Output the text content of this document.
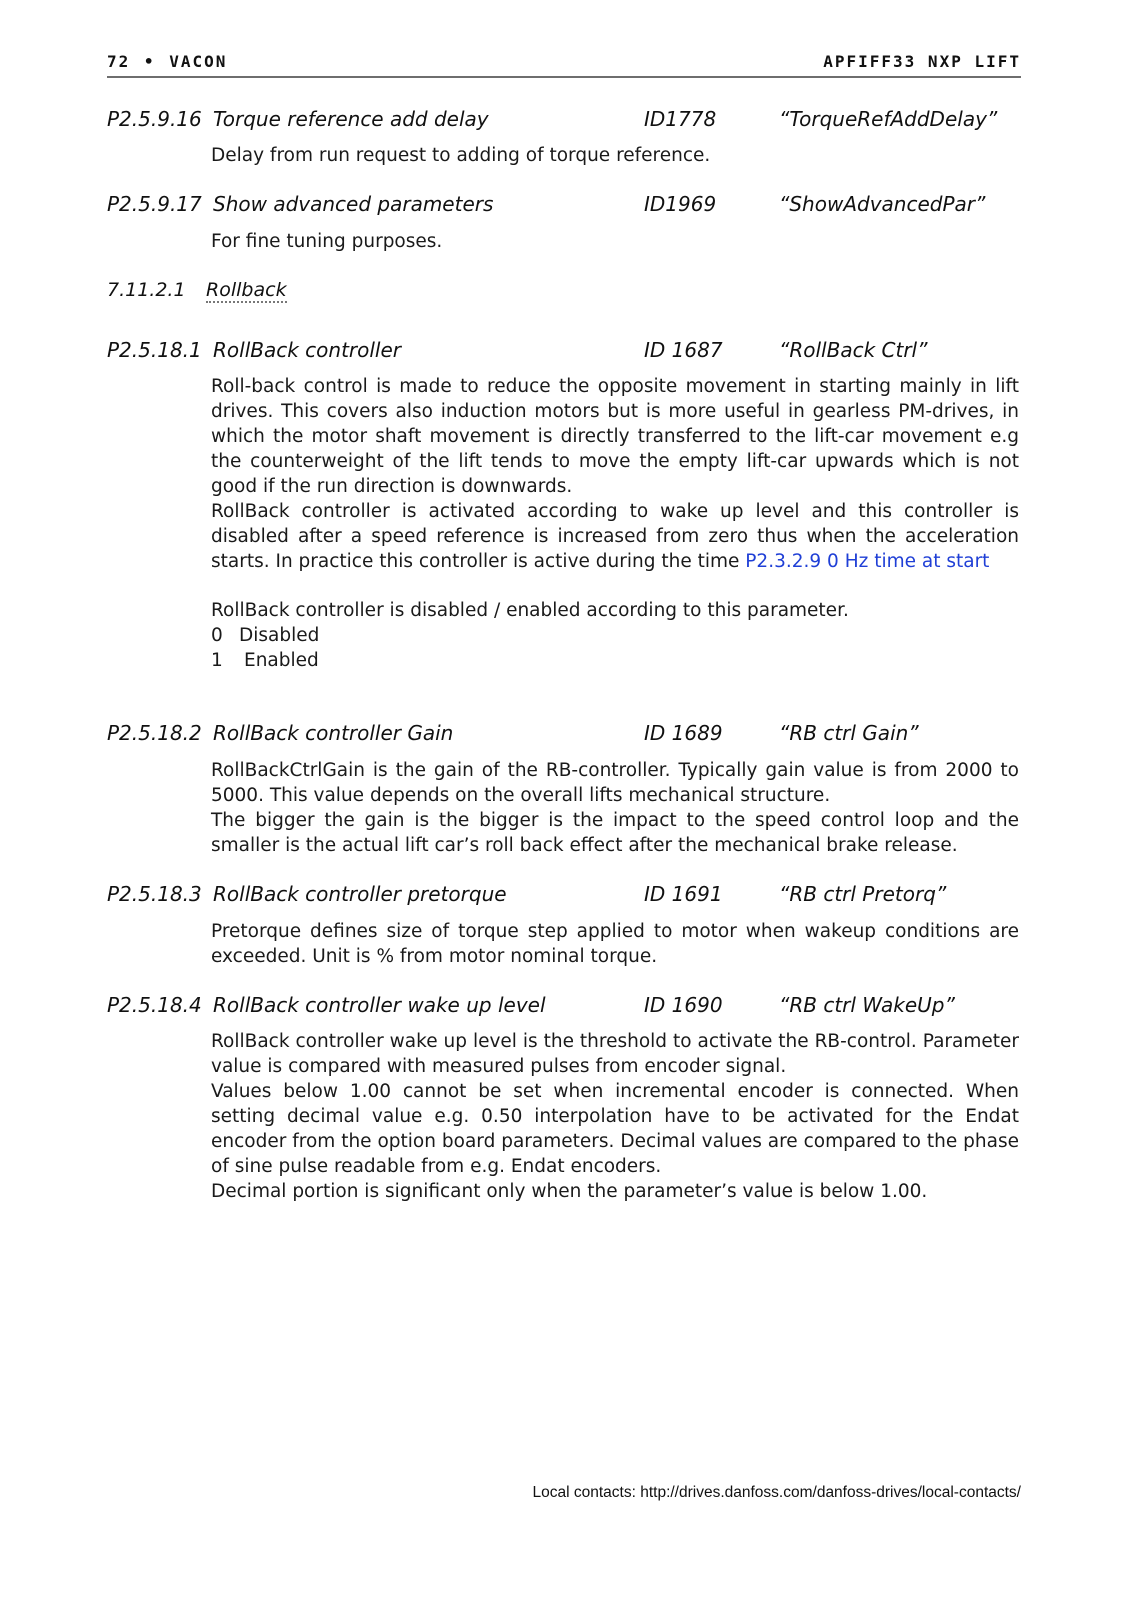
72 • VACON	APFIFF33 NXP LIFT
P2.5.9.16 Torque reference add delay	ID1778	“TorqueRefAddDelay”

Delay from run request to adding of torque reference.

P2.5.9.17 Show advanced parameters	ID1969	“ShowAdvancedPar”

For fine tuning purposes.

7.11.2.1 Rollback
P2.5.18.1 RollBack controller	ID 1687	“RollBack Ctrl”

Roll-back control is made to reduce the opposite movement in starting mainly in lift drives. This covers also induction motors but is more useful in gearless PM-drives, in which the motor shaft movement is directly transferred to the lift-car movement e.g the counterweight of the lift tends to move the empty lift-car upwards which is not good if the run direction is downwards.

RollBack controller is activated according to wake up level and this controller is disabled after a speed reference is increased from zero thus when the acceleration starts. In practice this controller is active during the time P2.3.2.9 0 Hz time at start

RollBack controller is disabled / enabled according to this parameter.

0 Disabled
1 Enabled
P2.5.18.2 RollBack controller Gain	ID 1689	“RB ctrl Gain”

RollBackCtrlGain is the gain of the RB-controller. Typically gain value is from 2000 to 5000. This value depends on the overall lifts mechanical structure.

The bigger the gain is the bigger is the impact to the speed control loop and the smaller is the actual lift car’s roll back effect after the mechanical brake release.

P2.5.18.3 RollBack controller pretorque	ID 1691	“RB ctrl Pretorq”

Pretorque defines size of torque step applied to motor when wakeup conditions are exceeded. Unit is % from motor nominal torque.

P2.5.18.4 RollBack controller wake up level	ID 1690	“RB ctrl WakeUp”

RollBack controller wake up level is the threshold to activate the RB-control. Parameter value is compared with measured pulses from encoder signal.

Values below 1.00 cannot be set when incremental encoder is connected. When setting decimal value e.g. 0.50 interpolation have to be activated for the Endat encoder from the option board parameters. Decimal values are compared to the phase of sine pulse readable from e.g. Endat encoders.

Decimal portion is significant only when the parameter’s value is below 1.00.

Local contacts: http://drives.danfoss.com/danfoss-drives/local-contacts/
